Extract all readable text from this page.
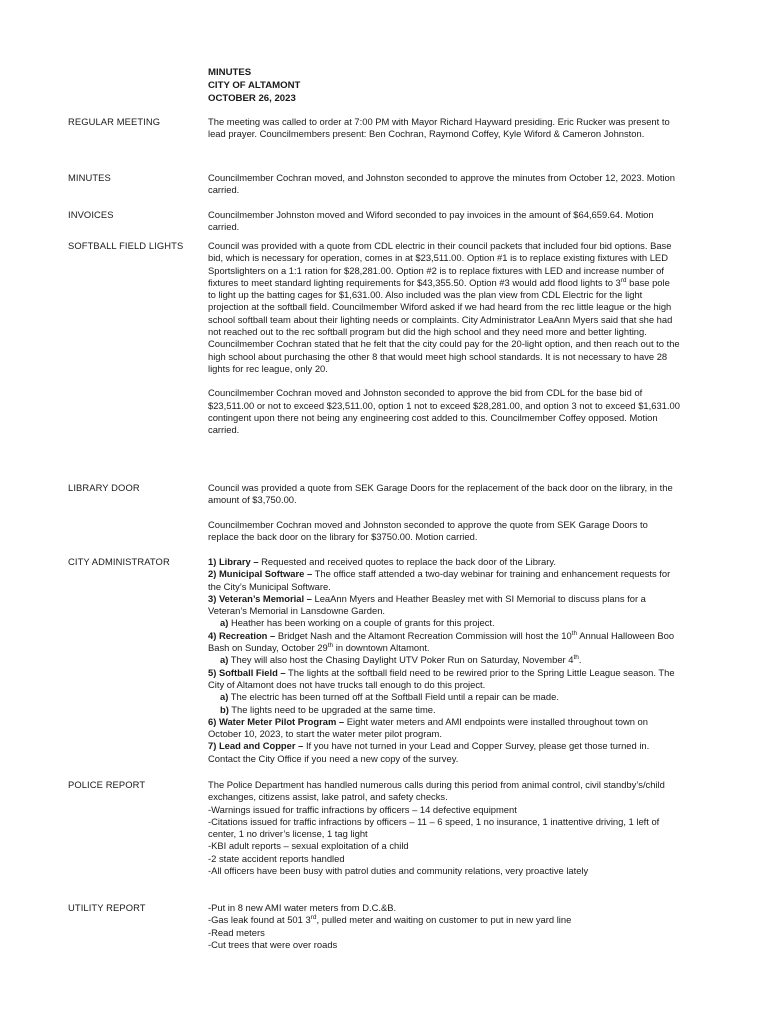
MINUTES
CITY OF ALTAMONT
OCTOBER 26, 2023
REGULAR MEETING	The meeting was called to order at 7:00 PM with Mayor Richard Hayward presiding. Eric Rucker was present to lead prayer. Councilmembers present: Ben Cochran, Raymond Coffey, Kyle Wiford & Cameron Johnston.

MINUTES	Councilmember Cochran moved, and Johnston seconded to approve the minutes from October 12, 2023. Motion carried.

INVOICES	Councilmember Johnston moved and Wiford seconded to pay invoices in the amount of $64,659.64. Motion carried.

SOFTBALL FIELD LIGHTS	Council was provided with a quote from CDL electric in their council packets that included four bid options. Base bid, which is necessary for operation, comes in at $23,511.00. Option #1 is to replace existing fixtures with LED Sportslighters on a 1:1 ration for $28,281.00. Option #2 is to replace fixtures with LED and increase number of fixtures to meet standard lighting requirements for $43,355.50. Option #3 would add flood lights to 3rd base pole to light up the batting cages for $1,631.00. Also included was the plan view from CDL Electric for the light projection at the softball field. Councilmember Wiford asked if we had heard from the rec little league or the high school softball team about their lighting needs or complaints. City Administrator LeaAnn Myers said that she had not reached out to the rec softball program but did the high school and they need more and better lighting. Councilmember Cochran stated that he felt that the city could pay for the 20-light option, and then reach out to the high school about purchasing the other 8 that would meet high school standards. It is not necessary to have 28 lights for rec league, only 20.

Councilmember Cochran moved and Johnston seconded to approve the bid from CDL for the base bid of $23,511.00 or not to exceed $23,511.00, option 1 not to exceed $28,281.00, and option 3 not to exceed $1,631.00 contingent upon there not being any engineering cost added to this. Councilmember Coffey opposed. Motion carried.

LIBRARY DOOR	Council was provided a quote from SEK Garage Doors for the replacement of the back door on the library, in the amount of $3,750.00.

Councilmember Cochran moved and Johnston seconded to approve the quote from SEK Garage Doors to replace the back door on the library for $3750.00. Motion carried.

CITY ADMINISTRATOR	1) Library – Requested and received quotes to replace the back door of the Library.
2) Municipal Software – The office staff attended a two-day webinar for training and enhancement requests for the City’s Municipal Software.
3) Veteran’s Memorial – LeaAnn Myers and Heather Beasley met with SI Memorial to discuss plans for a Veteran’s Memorial in Lansdowne Garden.
a) Heather has been working on a couple of grants for this project.
4) Recreation – Bridget Nash and the Altamont Recreation Commission will host the 10th Annual Halloween Boo Bash on Sunday, October 29th in downtown Altamont.
a) They will also host the Chasing Daylight UTV Poker Run on Saturday, November 4th.
5) Softball Field – The lights at the softball field need to be rewired prior to the Spring Little League season. The City of Altamont does not have trucks tall enough to do this project.
a) The electric has been turned off at the Softball Field until a repair can be made.
b) The lights need to be upgraded at the same time.
6) Water Meter Pilot Program – Eight water meters and AMI endpoints were installed throughout town on October 10, 2023, to start the water meter pilot program.
7) Lead and Copper – If you have not turned in your Lead and Copper Survey, please get those turned in. Contact the City Office if you need a new copy of the survey.
POLICE REPORT	The Police Department has handled numerous calls during this period from animal control, civil standby’s/child exchanges, citizens assist, lake patrol, and safety checks.
-Warnings issued for traffic infractions by officers – 14 defective equipment
-Citations issued for traffic infractions by officers – 11 – 6 speed, 1 no insurance, 1 inattentive driving, 1 left of center, 1 no driver’s license, 1 tag light
-KBI adult reports – sexual exploitation of a child
-2 state accident reports handled
-All officers have been busy with patrol duties and community relations, very proactive lately
UTILITY REPORT	-Put in 8 new AMI water meters from D.C.&B.
-Gas leak found at 501 3rd, pulled meter and waiting on customer to put in new yard line
-Read meters
-Cut trees that were over roads
